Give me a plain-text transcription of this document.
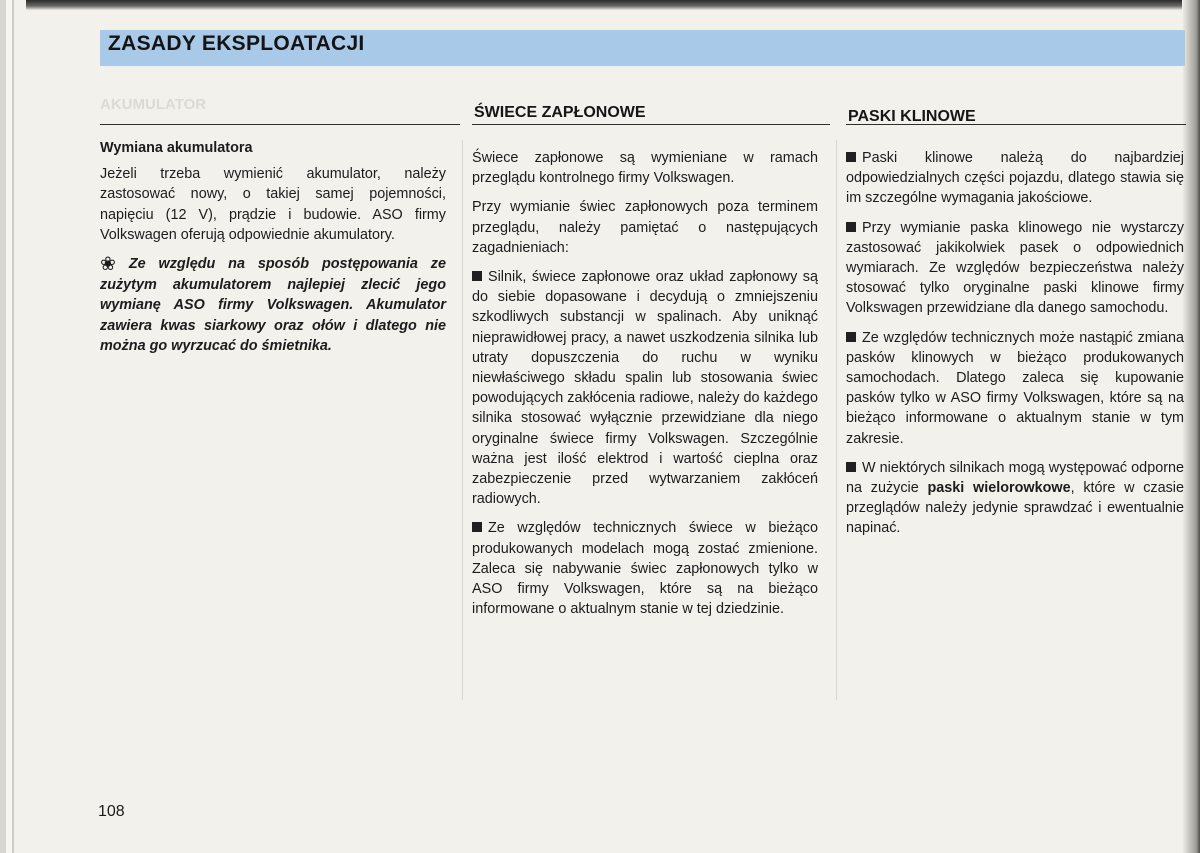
ZASADY EKSPLOATACJI
AKUMULATOR
Wymiana akumulatora

Jeżeli trzeba wymienić akumulator, należy zastosować nowy, o takiej samej pojemności, napięciu (12 V), prądzie i budowie. ASO firmy Volkswagen oferują odpowiednie akumulatory.

❀ Ze względu na sposób postępowania ze zużytym akumulatorem najlepiej zlecić jego wymianę ASO firmy Volkswagen. Akumulator zawiera kwas siarkowy oraz ołów i dlatego nie można go wyrzucać do śmietnika.

ŚWIECE ZAPŁONOWE

Świece zapłonowe są wymieniane w ramach przeglądu kontrolnego firmy Volkswagen.

Przy wymianie świec zapłonowych poza terminem przeglądu, należy pamiętać o następujących zagadnieniach:

Silnik, świece zapłonowe oraz układ zapłonowy są do siebie dopasowane i decydują o zmniejszeniu szkodliwych substancji w spalinach. Aby uniknąć nieprawidłowej pracy, a nawet uszkodzenia silnika lub utraty dopuszczenia do ruchu w wyniku niewłaściwego składu spalin lub stosowania świec powodujących zakłócenia radiowe, należy do każdego silnika stosować wyłącznie przewidziane dla niego oryginalne świece firmy Volkswagen. Szczególnie ważna jest ilość elektrod i wartość cieplna oraz zabezpieczenie przed wytwarzaniem zakłóceń radiowych.

Ze względów technicznych świece w bieżąco produkowanych modelach mogą zostać zmienione. Zaleca się nabywanie świec zapłonowych tylko w ASO firmy Volkswagen, które są na bieżąco informowane o aktualnym stanie w tej dziedzinie.

PASKI KLINOWE

Paski klinowe należą do najbardziej odpowiedzialnych części pojazdu, dlatego stawia się im szczególne wymagania jakościowe.

Przy wymianie paska klinowego nie wystarczy zastosować jakikolwiek pasek o odpowiednich wymiarach. Ze względów bezpieczeństwa należy stosować tylko oryginalne paski klinowe firmy Volkswagen przewidziane dla danego samochodu.

Ze względów technicznych może nastąpić zmiana pasków klinowych w bieżąco produkowanych samochodach. Dlatego zaleca się kupowanie pasków tylko w ASO firmy Volkswagen, które są na bieżąco informowane o aktualnym stanie w tym zakresie.

W niektórych silnikach mogą występować odporne na zużycie paski wielorowkowe, które w czasie przeglądów należy jedynie sprawdzać i ewentualnie napinać.

108
